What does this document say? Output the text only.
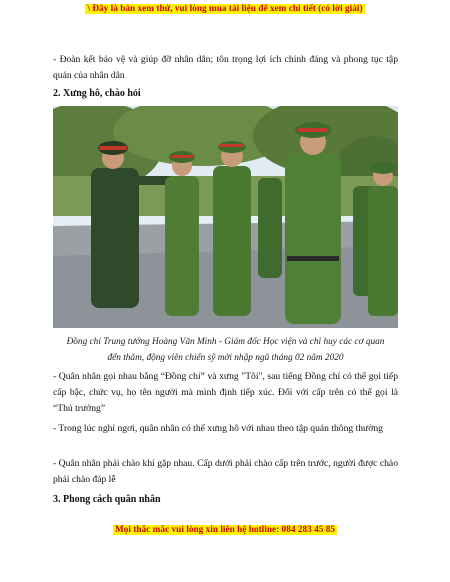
\ Đây là bản xem thử, vui lòng mua tài liệu để xem chi tiết (có lời giải)
- Đoàn kết bảo vệ và giúp đỡ nhân dân; tôn trọng lợi ích chính đáng và phong tục tập quán của nhân dân
2. Xưng hô, chào hỏi
Đồng chí Trung tướng Hoàng Văn Minh - Giám đốc Học viện và chỉ huy các cơ quan
đến thăm, động viên chiến sỹ mới nhập ngũ tháng 02 năm 2020
- Quân nhân gọi nhau bằng “Đồng chí” và xưng "Tôi", sau tiếng Đồng chí có thể gọi tiếp cấp bậc, chức vụ, họ tên người mà mình định tiếp xúc. Đối với cấp trên có thể gọi là “Thủ trưởng”
- Trong lúc nghỉ ngơi, quân nhân có thể xưng hô với nhau theo tập quán thông thường
- Quân nhân phải chào khi gặp nhau. Cấp dưới phải chào cấp trên trước, người được chào phải chào đáp lễ
3. Phong cách quân nhân
Mọi thắc mắc vui lòng xin liên hệ hotline: 084 283 45 85
